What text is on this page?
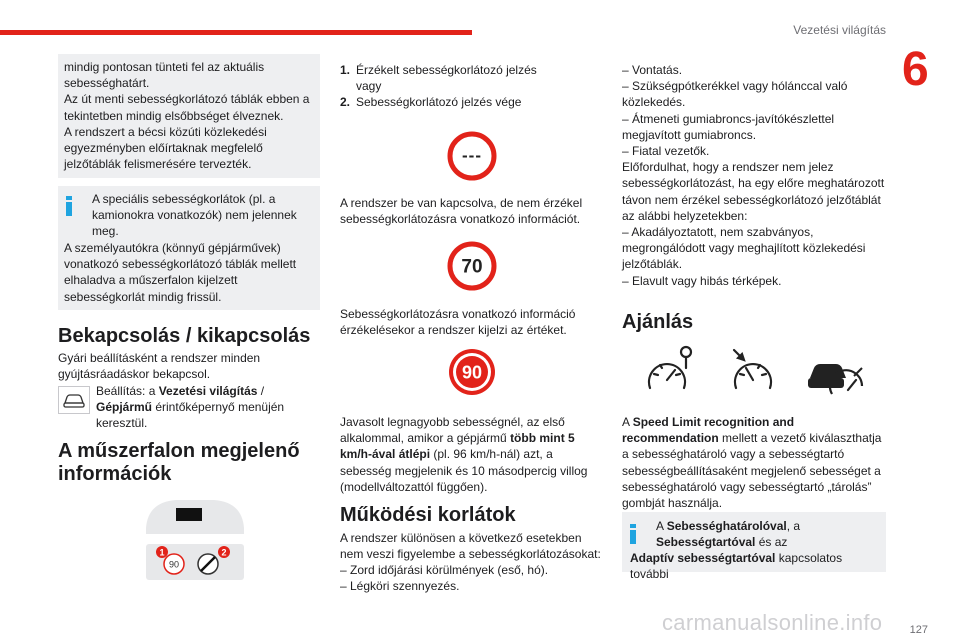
Vezetési világítás
6
mindig pontosan tünteti fel az aktuális sebességhatárt.
Az út menti sebességkorlátozó táblák ebben a tekintetben mindig elsőbbséget élveznek.
A rendszert a bécsi közúti közlekedési egyezményben előírtaknak megfelelő jelzőtáblák felismerésére tervezték.
A speciális sebességkorlátok (pl. a kamionokra vonatkozók) nem jelennek meg.
A személyautókra (könnyű gépjárművek) vonatkozó sebességkorlátozó táblák mellett elhaladva a műszerfalon kijelzett sebességkorlát mindig frissül.
Bekapcsolás / kikapcsolás
Gyári beállításként a rendszer minden gyújtásráadáskor bekapcsol.
Beállítás: a Vezetési világítás / Gépjármű érintőképernyő menüjén keresztül.
A műszerfalon megjelenő
információk
1
90
2
1. Érzékelt sebességkorlátozó jelzés vagy
2. Sebességkorlátozó jelzés vége
---
A rendszer be van kapcsolva, de nem érzékel sebességkorlátozásra vonatkozó információt.
70
Sebességkorlátozásra vonatkozó információ érzékelésekor a rendszer kijelzi az értéket.
90
Javasolt legnagyobb sebességnél, az első alkalommal, amikor a gépjármű több mint 5 km/h-ával átlépi (pl. 96 km/h-nál) azt, a sebesség megjelenik és 10 másodpercig villog (modellváltozattól függően).
Működési korlátok
A rendszer különösen a következő esetekben nem veszi figyelembe a sebességkorlátozásokat:
– Zord időjárási körülmények (eső, hó).
– Légköri szennyezés.
– Vontatás.
– Szükségpótkerékkel vagy hólánccal való közlekedés.
– Átmeneti gumiabroncs-javítókészlettel megjavított gumiabroncs.
– Fiatal vezetők.
Előfordulhat, hogy a rendszer nem jelez sebességkorlátozást, ha egy előre meghatározott távon nem érzékel sebességkorlátozó jelzőtáblát az alábbi helyzetekben:
– Akadályoztatott, nem szabványos, megrongálódott vagy meghajlított közlekedési jelzőtáblák.
– Elavult vagy hibás térképek.
Ajánlás
A Speed Limit recognition and recommendation mellett a vezető kiválaszthatja a sebességhatároló vagy a sebességtartó sebességbeállításaként megjelenő sebességet a sebességhatároló vagy sebességtartó „tárolás” gombját használja.
A Sebességhatárolóval, a
Sebességtartóval és az
Adaptív sebességtartóval kapcsolatos további
carmanualsonline.info 127
